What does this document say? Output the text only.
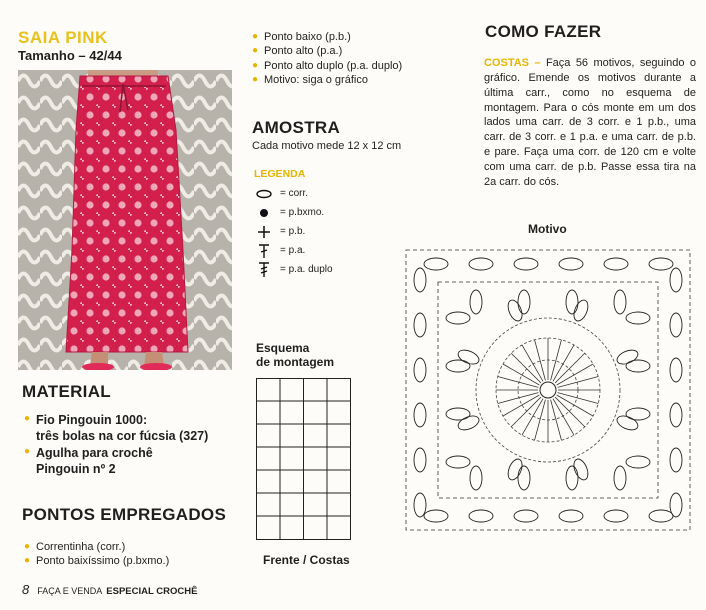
SAIA PINK
Tamanho – 42/44
● Ponto baixo (p.b.)
● Ponto alto (p.a.)
● Ponto alto duplo (p.a. duplo)
● Motivo: siga o gráfico
AMOSTRA
Cada motivo mede 12 x 12 cm
LEGENDA
= corr.
= p.bxmo.
= p.b.
= p.a.
= p.a. duplo
COMO FAZER
COSTAS – Faça 56 motivos, seguindo o gráfico. Emende os motivos durante a última carr., como no esquema de montagem. Para o cós monte em um dos lados uma carr. de 3 corr. e 1 p.b., uma carr. de 3 corr. e 1 p.a. e uma carr. de p.b. e pare. Faça uma corr. de 120 cm e volte com uma carr. de p.b. Passe essa tira na 2a carr. do cós.
Motivo
Esquema
de montagem
Frente / Costas
MATERIAL
● Fio Pingouin 1000:
três bolas na cor fúcsia (327)
● Agulha para crochê
Pingouin nº 2
PONTOS EMPREGADOS
● Correntinha (corr.)
● Ponto baixíssimo (p.bxmo.)
8 FAÇA E VENDA ESPECIAL CROCHÊ
